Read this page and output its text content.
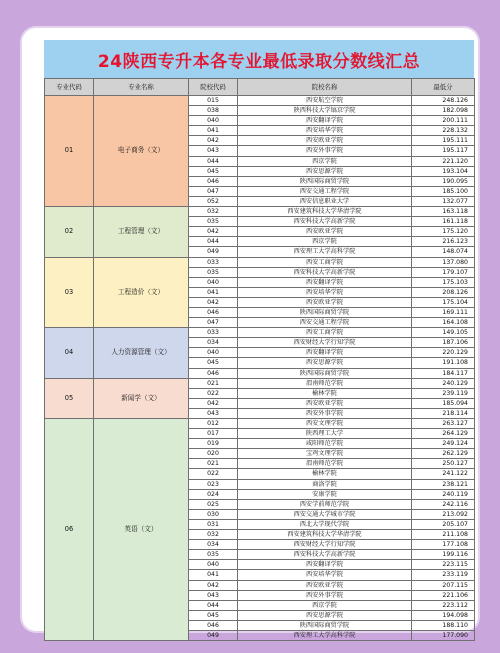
24陕西专升本各专业最低录取分数线汇总
专业代码	专业名称	院校代码	院校名称	最低分
01	电子商务（文）	015	西安航空学院	248.126
		038	陕西科技大学镐京学院	182.098
		040	西安翻译学院	200.111
		041	西安培华学院	228.132
		042	西安欧亚学院	195.111
		043	西安外事学院	195.117
		044	西京学院	221.120
		045	西安思源学院	193.104
		046	陕西国际商贸学院	190.095
		047	西安交通工程学院	185.100
		052	西安信息职业大学	132.077
02	工程管理（文）	032	西安建筑科技大学华清学院	163.118
		035	西安科技大学高新学院	161.118
		042	西安欧亚学院	175.120
		044	西京学院	216.123
		049	西安理工大学高科学院	148.074
03	工程造价（文）	033	西安工商学院	137.080
		035	西安科技大学高新学院	179.107
		040	西安翻译学院	175.103
		041	西安培华学院	208.126
		042	西安欧亚学院	175.104
		046	陕西国际商贸学院	169.111
		047	西安交通工程学院	164.108
04	人力资源管理（文）	033	西安工商学院	149.105
		034	西安财经大学行知学院	187.106
		040	西安翻译学院	220.129
		045	西安思源学院	191.108
		046	陕西国际商贸学院	184.117
05	新闻学（文）	021	渭南师范学院	240.129
		022	榆林学院	239.119
		042	西安欧亚学院	185.094
		043	西安外事学院	218.114
06	英语（文）	012	西安文理学院	263.127
		017	陕西理工大学	264.129
		019	咸阳师范学院	249.124
		020	宝鸡文理学院	262.129
		021	渭南师范学院	250.127
		022	榆林学院	241.122
		023	商洛学院	238.121
		024	安康学院	240.119
		025	西安学前师范学院	242.116
		030	西安交通大学城市学院	213.092
		031	西北大学现代学院	205.107
		032	西安建筑科技大学华清学院	211.108
		034	西安财经大学行知学院	177.108
		035	西安科技大学高新学院	199.116
		040	西安翻译学院	223.115
		041	西安培华学院	233.119
		042	西安欧亚学院	207.115
		043	西安外事学院	221.106
		044	西京学院	223.112
		045	西安思源学院	194.098
		046	陕西国际商贸学院	188.110
		049	西安理工大学高科学院	177.090
